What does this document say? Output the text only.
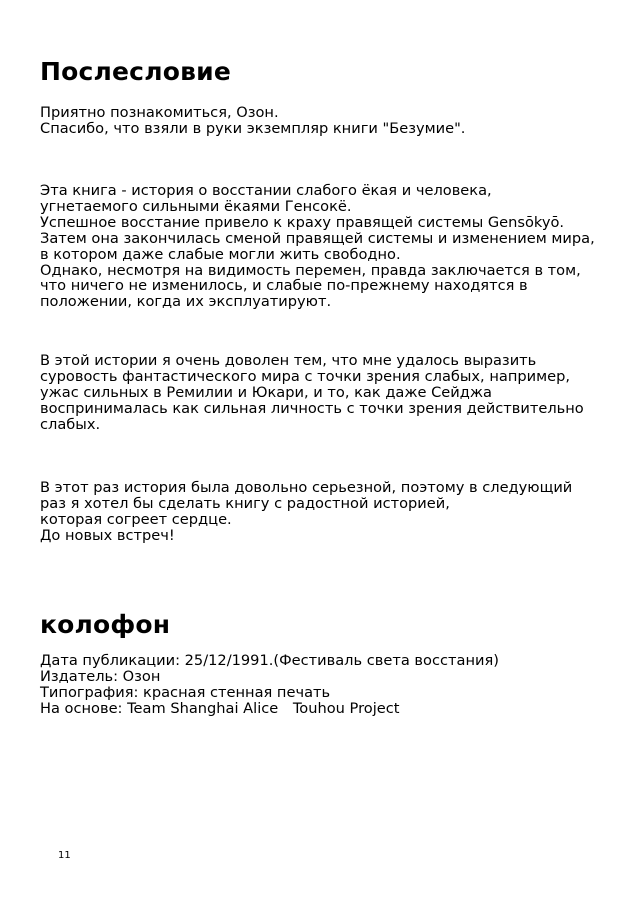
Послесловие

Приятно познакомиться, Озон.
Спасибо, что взяли в руки экземпляр книги "Безумие".

Эта книга - история о восстании слабого ёкая и человека,
угнетаемого сильными ёкаями Генсокё.
Успешное восстание привело к краху правящей системы Gensōkyō.
Затем она закончилась сменой правящей системы и изменением мира,
в котором даже слабые могли жить свободно.
Однако, несмотря на видимость перемен, правда заключается в том,
что ничего не изменилось, и слабые по-прежнему находятся в
положении, когда их эксплуатируют.

В этой истории я очень доволен тем, что мне удалось выразить
суровость фантастического мира с точки зрения слабых, например,
ужас сильных в Ремилии и Юкари, и то, как даже Сейджа
воспринималась как сильная личность с точки зрения действительно
слабых.

В этот раз история была довольно серьезной, поэтому в следующий
раз я хотел бы сделать книгу с радостной историей,
которая согреет сердце.
До новых встреч!

колофон

Дата публикации: 25/12/1991.(Фестиваль света восстания)
Издатель: Озон
Типография: красная стенная печать
На основе: Team Shanghai Alice　Touhou Project

11
